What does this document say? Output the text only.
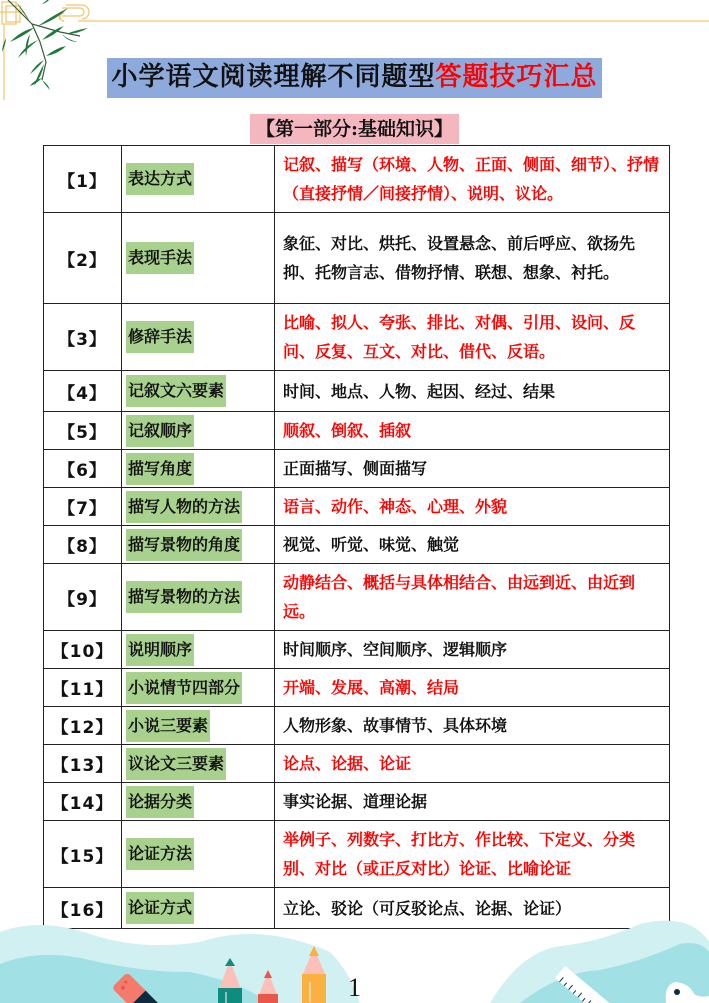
小学语文阅读理解不同题型答题技巧汇总
【第一部分:基础知识】
【1】	表达方式	记叙、描写（环境、人物、正面、侧面、细节）、抒情（直接抒情／间接抒情）、说明、议论。
【2】	表现手法	象征、对比、烘托、设置悬念、前后呼应、欲扬先抑、托物言志、借物抒情、联想、想象、衬托。
【3】	修辞手法	比喻、拟人、夸张、排比、对偶、引用、设问、反问、反复、互文、对比、借代、反语。
【4】	记叙文六要素	时间、地点、人物、起因、经过、结果
【5】	记叙顺序	顺叙、倒叙、插叙
【6】	描写角度	正面描写、侧面描写
【7】	描写人物的方法	语言、动作、神态、心理、外貌
【8】	描写景物的角度	视觉、听觉、味觉、触觉
【9】	描写景物的方法	动静结合、概括与具体相结合、由远到近、由近到远。
【10】	说明顺序	时间顺序、空间顺序、逻辑顺序
【11】	小说情节四部分	开端、发展、高潮、结局
【12】	小说三要素	人物形象、故事情节、具体环境
【13】	议论文三要素	论点、论据、论证
【14】	论据分类	事实论据、道理论据
【15】	论证方法	举例子、列数字、打比方、作比较、下定义、分类别、对比（或正反对比）论证、比喻论证
【16】	论证方式	立论、驳论（可反驳论点、论据、论证）
1
